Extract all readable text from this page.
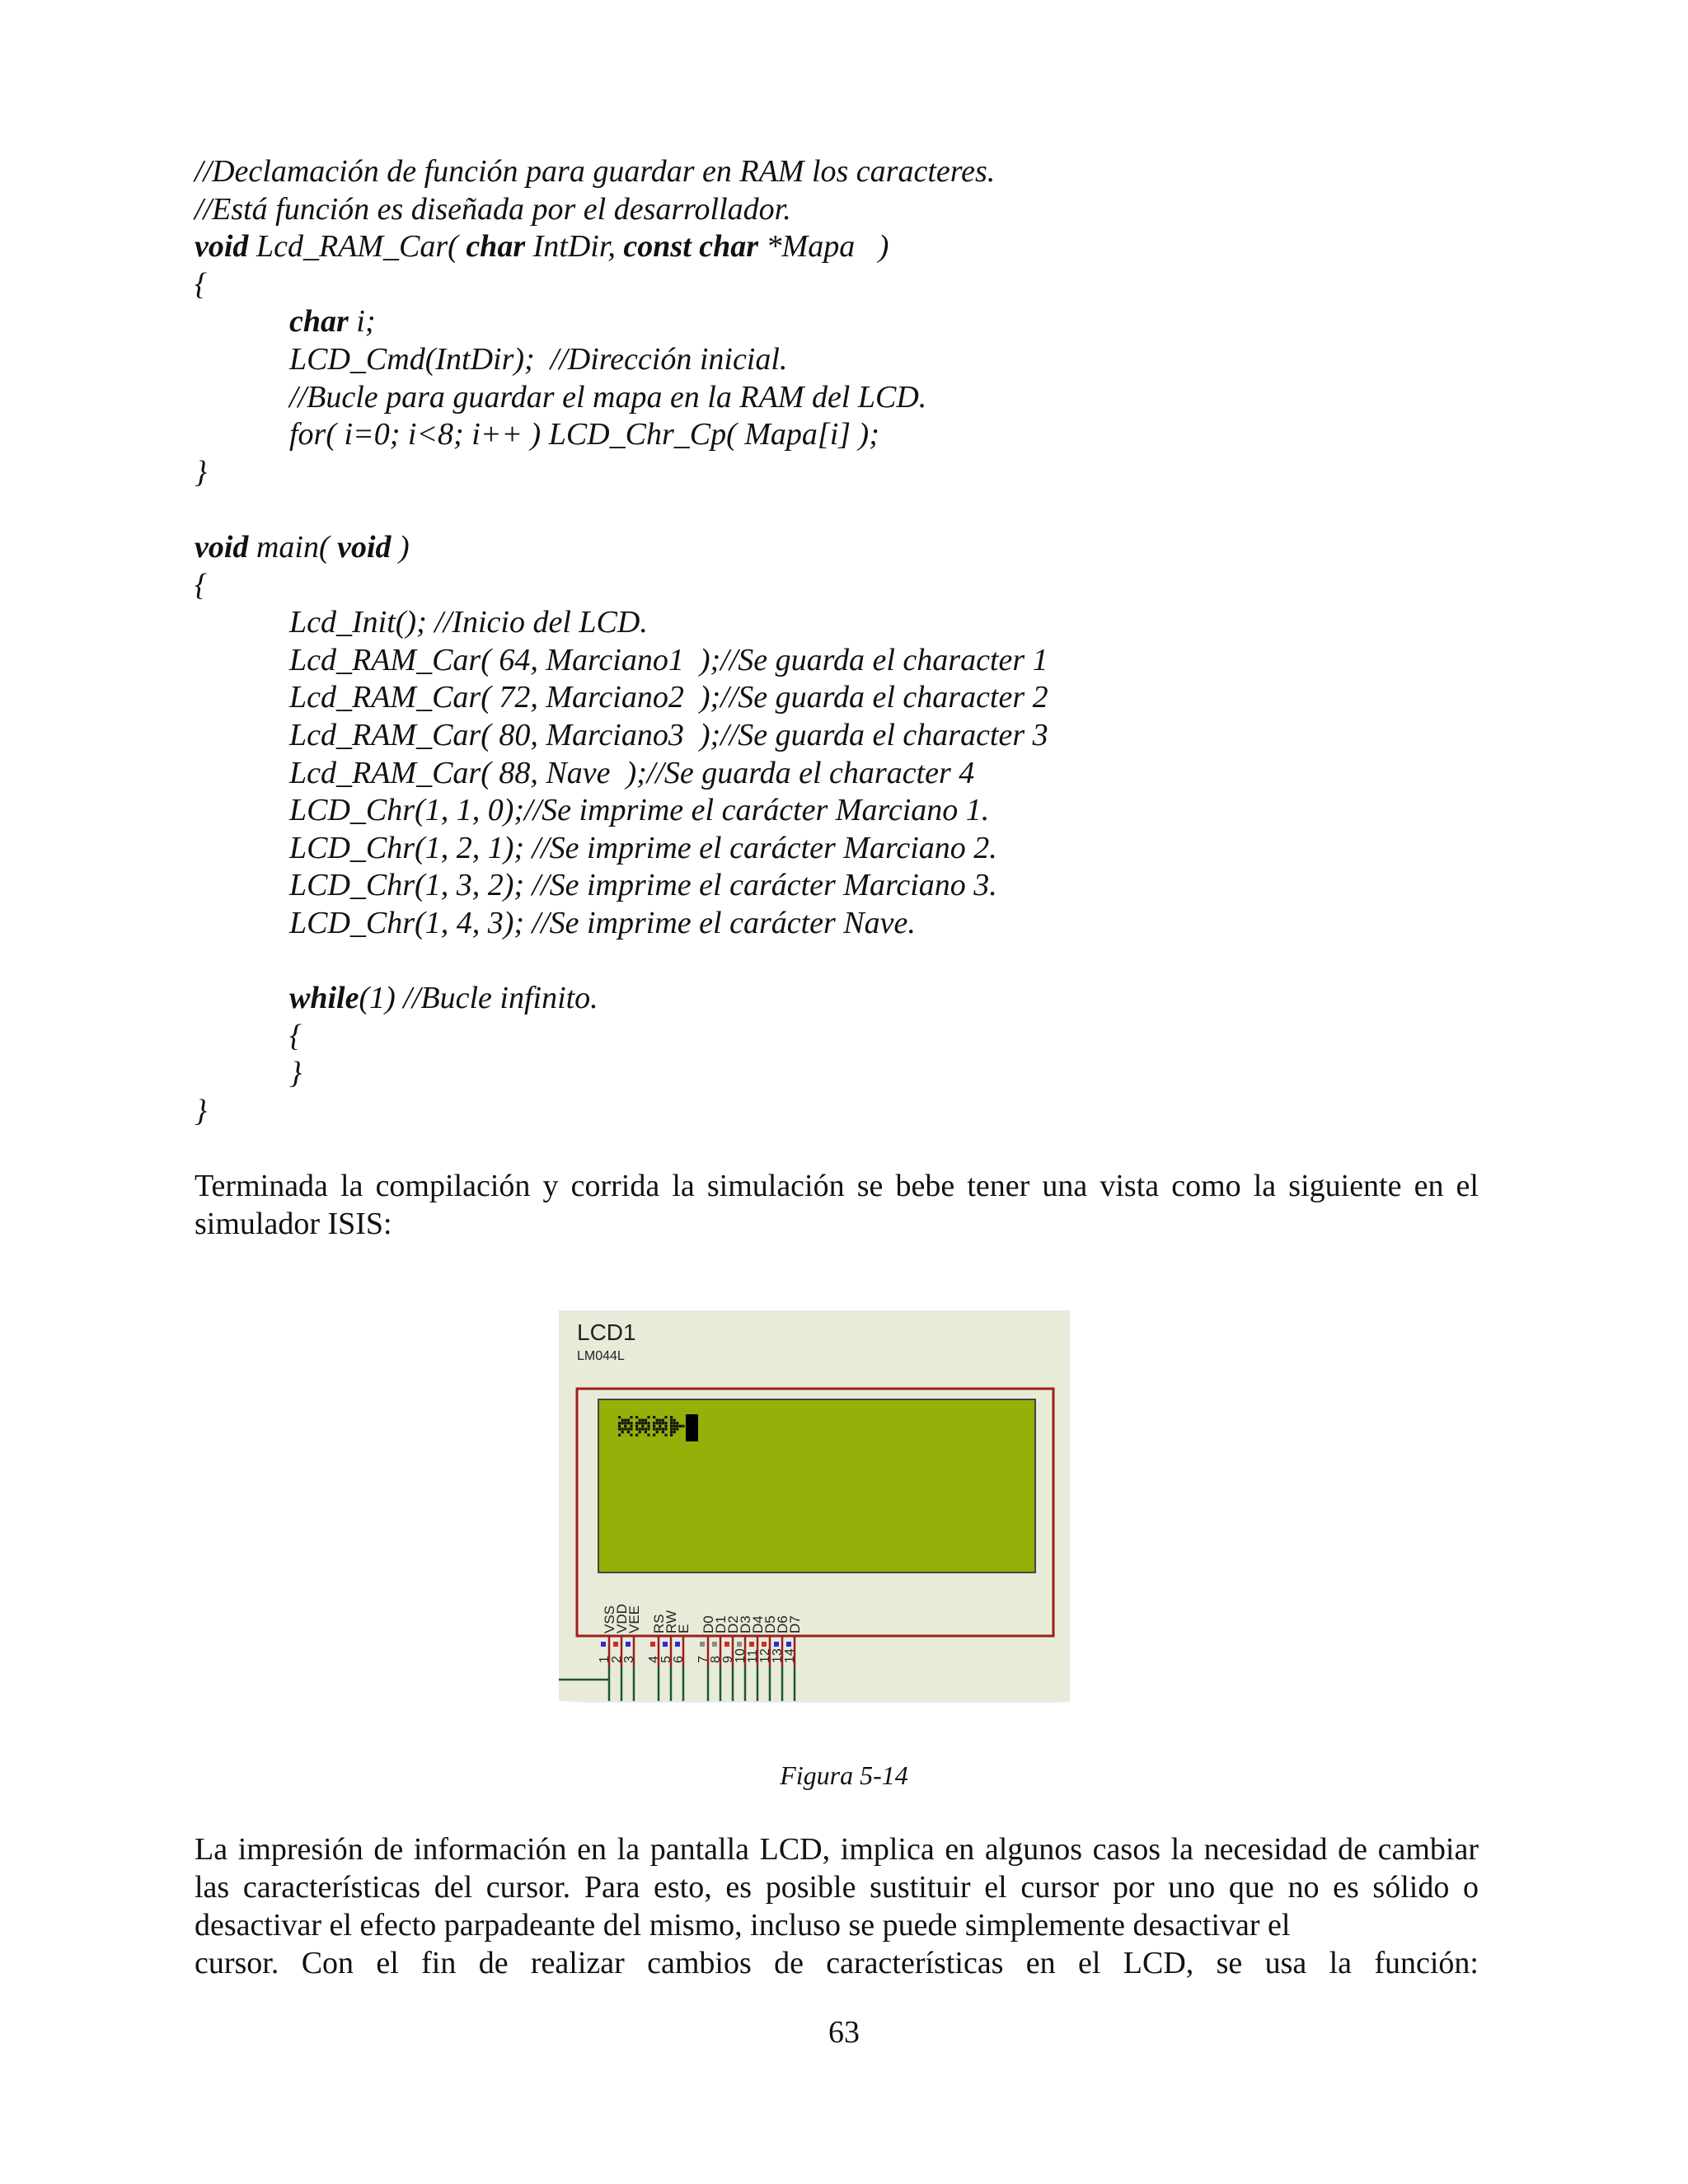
//Declamación de función para guardar en RAM los caracteres.
//Está función es diseñada por el desarrollador.
void Lcd_RAM_Car( char IntDir, const char *Mapa   )
{
char i;
LCD_Cmd(IntDir);  //Dirección inicial.
//Bucle para guardar el mapa en la RAM del LCD.
for( i=0; i<8; i++ ) LCD_Chr_Cp( Mapa[i] );
}
void main( void )
{
Lcd_Init(); //Inicio del LCD.
Lcd_RAM_Car( 64, Marciano1  );//Se guarda el character 1
Lcd_RAM_Car( 72, Marciano2  );//Se guarda el character 2
Lcd_RAM_Car( 80, Marciano3  );//Se guarda el character 3
Lcd_RAM_Car( 88, Nave  );//Se guarda el character 4
LCD_Chr(1, 1, 0);//Se imprime el carácter Marciano 1.
LCD_Chr(1, 2, 1); //Se imprime el carácter Marciano 2.
LCD_Chr(1, 3, 2); //Se imprime el carácter Marciano 3.
LCD_Chr(1, 4, 3); //Se imprime el carácter Nave.
while(1) //Bucle infinito.
{
}
}
Terminada la compilación y corrida la simulación se bebe tener una vista como la siguiente en el simulador ISIS:
LCD1
LM044L
VSS
1
VDD
2
VEE
3
RS
4
RW
5
E
6
D0
7
D1
8
D2
9
D3
10
D4
11
D5
12
D6
13
D7
14
Figura 5-14
La impresión de información en la pantalla LCD, implica en algunos casos la necesidad de cambiar las características del cursor. Para esto, es posible sustituir el cursor por uno que no es sólido o desactivar el efecto parpadeante del mismo, incluso se puede simplemente desactivar el
cursor. Con el fin de realizar cambios de características en el LCD, se usa la función:
63
